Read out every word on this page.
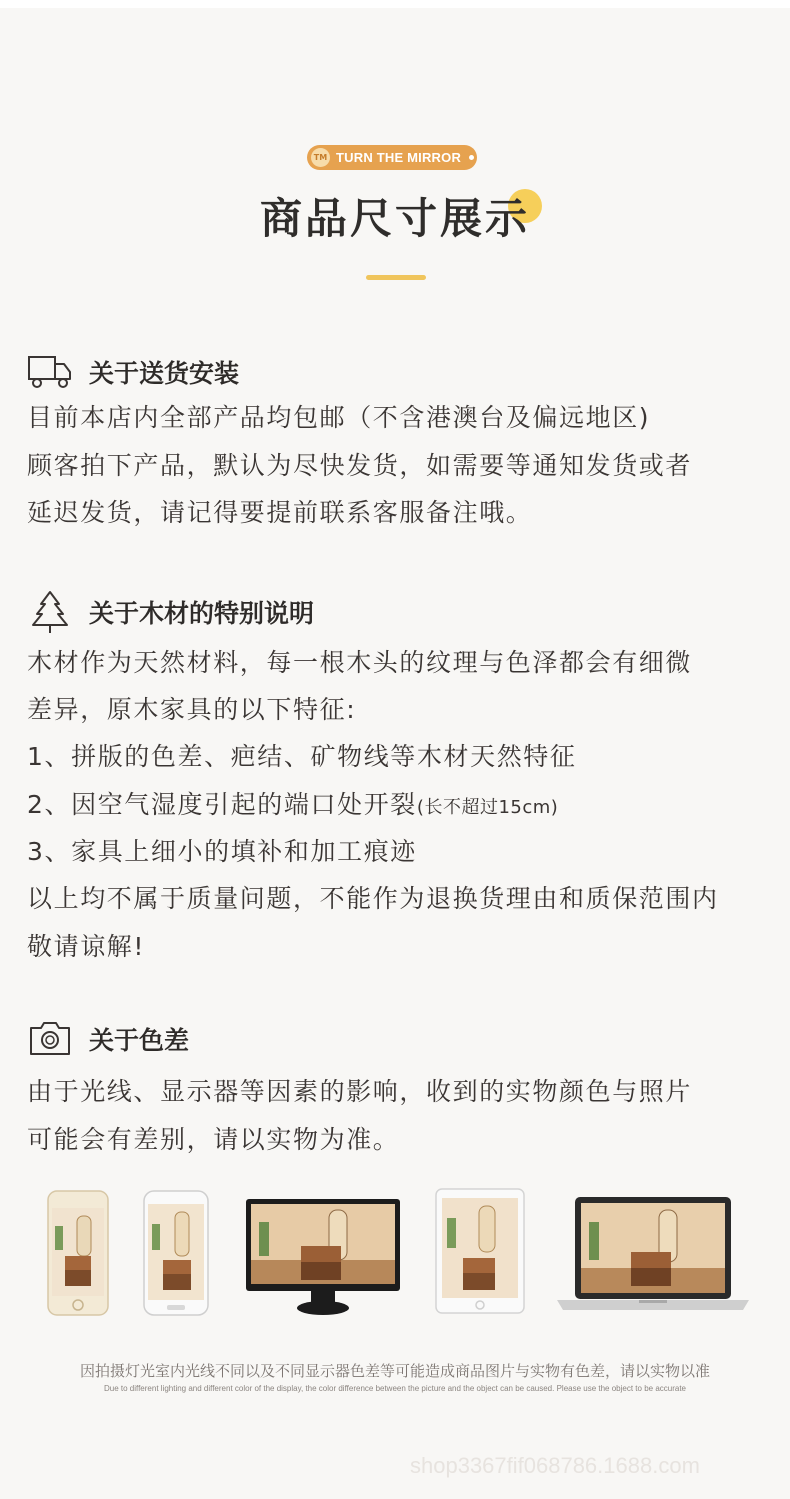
TM TURN THE MIRROR
商品尺寸展示
关于送货安装
目前本店内全部产品均包邮（不含港澳台及偏远地区)
顾客拍下产品，默认为尽快发货，如需要等通知发货或者
延迟发货，请记得要提前联系客服备注哦。
关于木材的特别说明
木材作为天然材料，每一根木头的纹理与色泽都会有细微
差异，原木家具的以下特征:
1、拼版的色差、疤结、矿物线等木材天然特征
2、因空气湿度引起的端口处开裂(长不超过15cm)
3、家具上细小的填补和加工痕迹
以上均不属于质量问题，不能作为退换货理由和质保范围内
敬请谅解!
关于色差
由于光线、显示器等因素的影响，收到的实物颜色与照片
可能会有差别，请以实物为准。
因拍摄灯光室内光线不同以及不同显示器色差等可能造成商品图片与实物有色差，请以实物以准
Due to different lighting and different color of the display, the color difference between the picture and the object can be caused. Please use the object to be accurate
shop3367fif068786.1688.com
